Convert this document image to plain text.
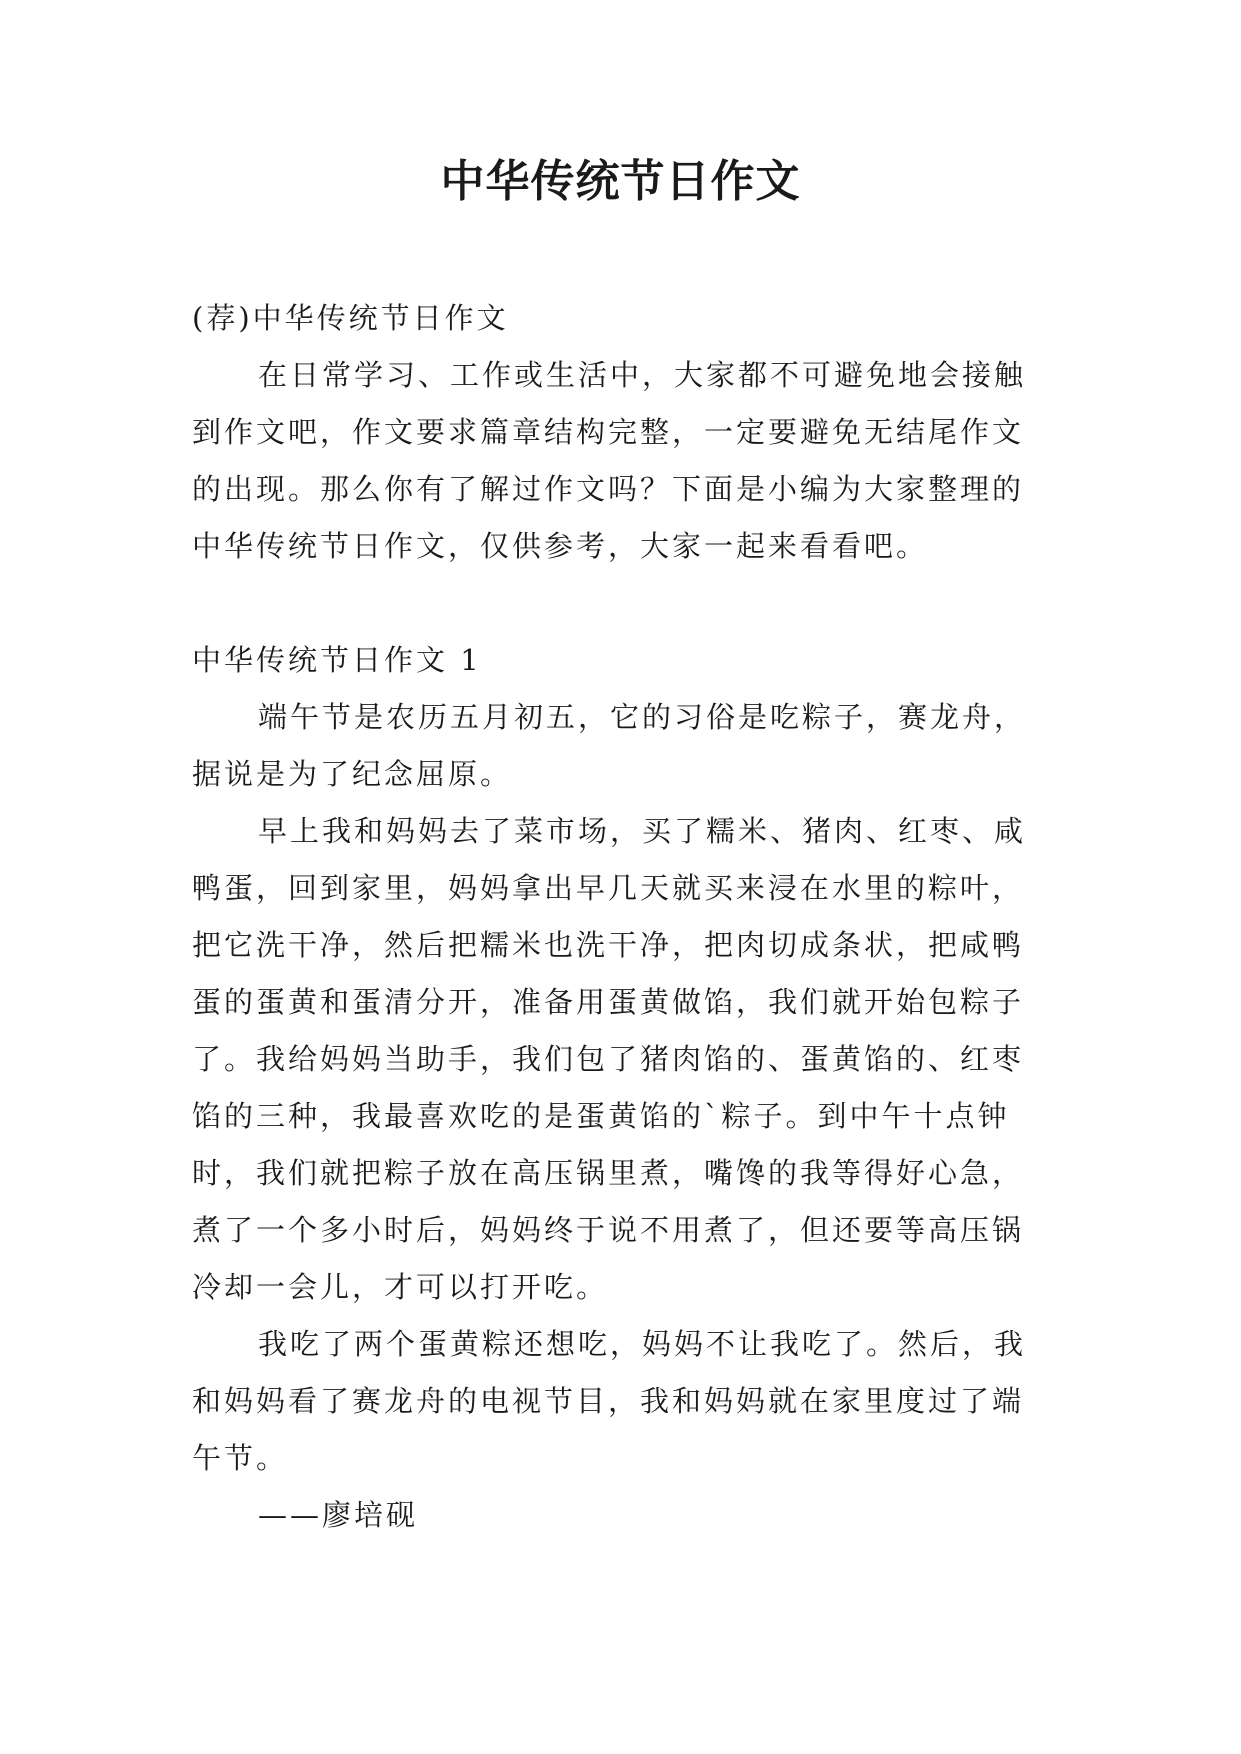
中华传统节日作文

(荐)中华传统节日作文

在日常学习、工作或生活中，大家都不可避免地会接触

到作文吧，作文要求篇章结构完整，一定要避免无结尾作文

的出现。那么你有了解过作文吗？下面是小编为大家整理的

中华传统节日作文，仅供参考，大家一起来看看吧。

中华传统节日作文 1

端午节是农历五月初五，它的习俗是吃粽子，赛龙舟，

据说是为了纪念屈原。

早上我和妈妈去了菜市场，买了糯米、猪肉、红枣、咸

鸭蛋，回到家里，妈妈拿出早几天就买来浸在水里的粽叶，

把它洗干净，然后把糯米也洗干净，把肉切成条状，把咸鸭

蛋的蛋黄和蛋清分开，准备用蛋黄做馅，我们就开始包粽子

了。我给妈妈当助手，我们包了猪肉馅的、蛋黄馅的、红枣

馅的三种，我最喜欢吃的是蛋黄馅的`粽子。到中午十点钟

时，我们就把粽子放在高压锅里煮，嘴馋的我等得好心急，

煮了一个多小时后，妈妈终于说不用煮了，但还要等高压锅

冷却一会儿，才可以打开吃。

我吃了两个蛋黄粽还想吃，妈妈不让我吃了。然后，我

和妈妈看了赛龙舟的电视节目，我和妈妈就在家里度过了端

午节。

——廖培砚
